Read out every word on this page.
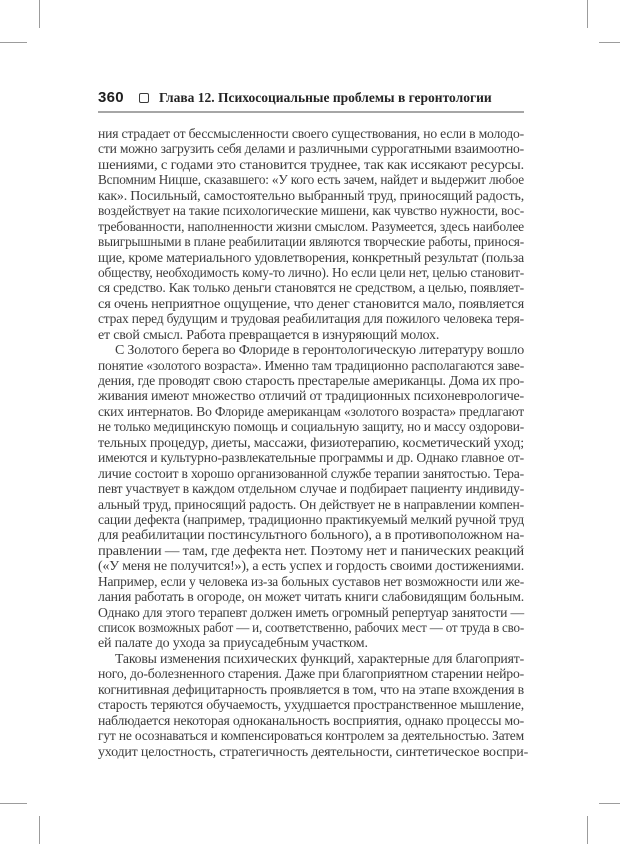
360	Глава 12. Психосоциальные проблемы в геронтологии
ния страдает от бессмысленности своего существования, но если в молодо-
сти можно загрузить себя делами и различными суррогатными взаимоотно-
шениями, с годами это становится труднее, так как иссякают ресурсы.
Вспомним Ницше, сказавшего: «У кого есть зачем, найдет и выдержит любое
как». Посильный, самостоятельно выбранный труд, приносящий радость,
воздействует на такие психологические мишени, как чувство нужности, вос-
требованности, наполненности жизни смыслом. Разумеется, здесь наиболее
выигрышными в плане реабилитации являются творческие работы, принося-
щие, кроме материального удовлетворения, конкретный результат (польза
обществу, необходимость кому-то лично). Но если цели нет, целью становит-
ся средство. Как только деньги становятся не средством, а целью, появляет-
ся очень неприятное ощущение, что денег становится мало, появляется
страх перед будущим и трудовая реабилитация для пожилого человека теря-
ет свой смысл. Работа превращается в изнуряющий молох.
С Золотого берега во Флориде в геронтологическую литературу вошло
понятие «золотого возраста». Именно там традиционно располагаются заве-
дения, где проводят свою старость престарелые американцы. Дома их про-
живания имеют множество отличий от традиционных психоневрологиче-
ских интернатов. Во Флориде американцам «золотого возраста» предлагают
не только медицинскую помощь и социальную защиту, но и массу оздорови-
тельных процедур, диеты, массажи, физиотерапию, косметический уход;
имеются и культурно-развлекательные программы и др. Однако главное от-
личие состоит в хорошо организованной службе терапии занятостью. Тера-
певт участвует в каждом отдельном случае и подбирает пациенту индивиду-
альный труд, приносящий радость. Он действует не в направлении компен-
сации дефекта (например, традиционно практикуемый мелкий ручной труд
для реабилитации постинсультного больного), а в противоположном на-
правлении — там, где дефекта нет. Поэтому нет и панических реакций
(«У меня не получится!»), а есть успех и гордость своими достижениями.
Например, если у человека из-за больных суставов нет возможности или же-
лания работать в огороде, он может читать книги слабовидящим больным.
Однако для этого терапевт должен иметь огромный репертуар занятости —
список возможных работ — и, соответственно, рабочих мест — от труда в сво-
ей палате до ухода за приусадебным участком.
Таковы изменения психических функций, характерные для благоприят-
ного, до-болезненного старения. Даже при благоприятном старении нейро-
когнитивная дефицитарность проявляется в том, что на этапе вхождения в
старость теряются обучаемость, ухудшается пространственное мышление,
наблюдается некоторая одноканальность восприятия, однако процессы мо-
гут не осознаваться и компенсироваться контролем за деятельностью. Затем
уходит целостность, стратегичность деятельности, синтетическое воспри-
